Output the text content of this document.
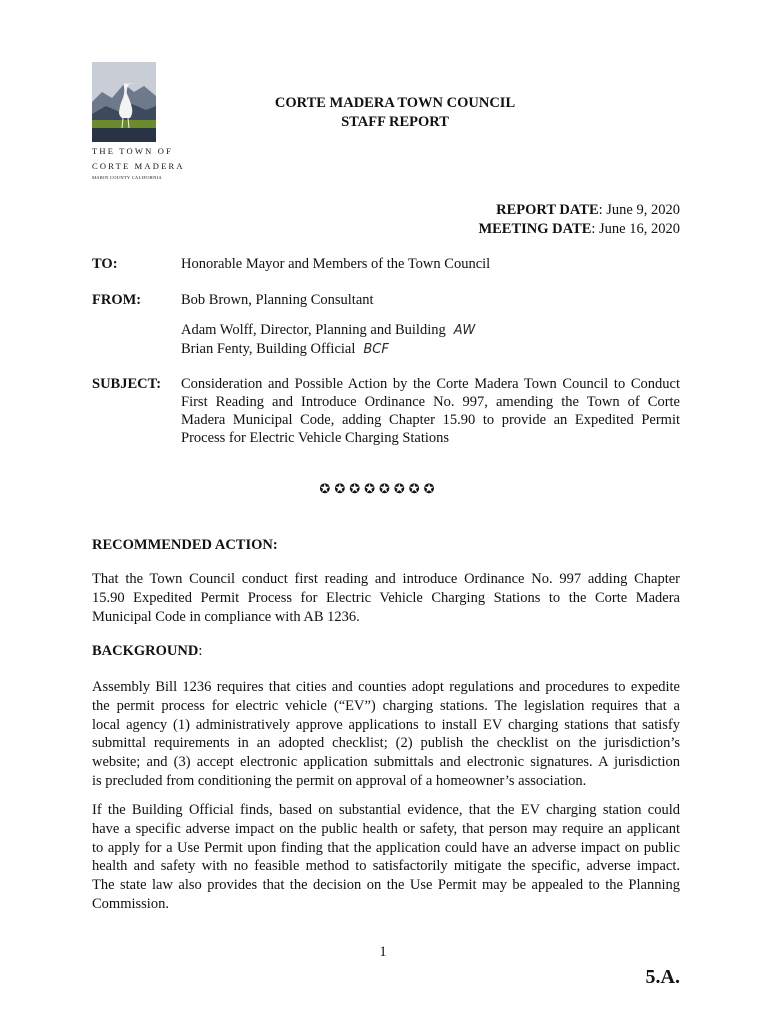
THE TOWN OF
CORTE MADERA
MARIN COUNTY CALIFORNIA
CORTE MADERA TOWN COUNCIL
STAFF REPORT
REPORT DATE: June 9, 2020
MEETING DATE: June 16, 2020
TO:	Honorable Mayor and Members of the Town Council
FROM:	Bob Brown, Planning Consultant
Adam Wolff, Director, Planning and Building AW
Brian Fenty, Building Official BCF
SUBJECT: Consideration and Possible Action by the Corte Madera Town Council to Conduct
First Reading and Introduce Ordinance No. 997, amending the Town of Corte
Madera Municipal Code, adding Chapter 15.90 to provide an Expedited Permit
Process for Electric Vehicle Charging Stations
✪✪✪✪✪✪✪✪
RECOMMENDED ACTION:
That the Town Council conduct first reading and introduce Ordinance No. 997 adding Chapter
15.90 Expedited Permit Process for Electric Vehicle Charging Stations to the Corte Madera
Municipal Code in compliance with AB 1236.
BACKGROUND:
Assembly Bill 1236 requires that cities and counties adopt regulations and procedures to expedite
the permit process for electric vehicle (“EV”) charging stations. The legislation requires that a
local agency (1) administratively approve applications to install EV charging stations that satisfy
submittal requirements in an adopted checklist; (2) publish the checklist on the jurisdiction’s
website; and (3) accept electronic application submittals and electronic signatures. A jurisdiction
is precluded from conditioning the permit on approval of a homeowner’s association.
If the Building Official finds, based on substantial evidence, that the EV charging station could
have a specific adverse impact on the public health or safety, that person may require an applicant
to apply for a Use Permit upon finding that the application could have an adverse impact on public
health and safety with no feasible method to satisfactorily mitigate the specific, adverse impact.
The state law also provides that the decision on the Use Permit may be appealed to the Planning
Commission.
1
5.A.
